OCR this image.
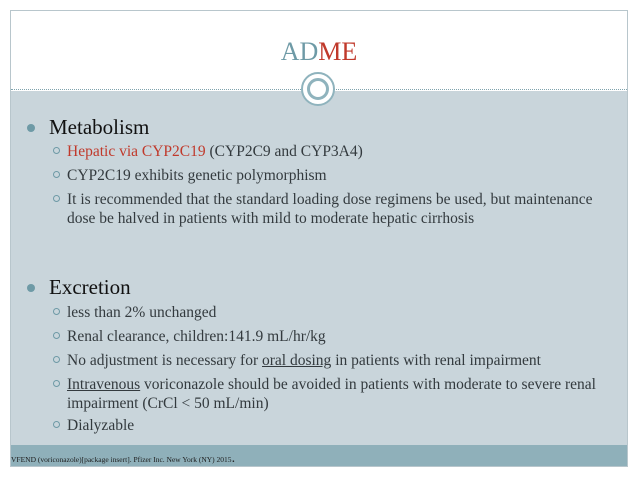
ADME
Metabolism
Hepatic via CYP2C19 (CYP2C9 and CYP3A4)
CYP2C19 exhibits genetic polymorphism
It is recommended that the standard loading dose regimens be used, but maintenance dose be halved in patients with mild to moderate hepatic cirrhosis
Excretion
less than 2% unchanged
Renal clearance, children:141.9 mL/hr/kg
No adjustment is necessary for oral dosing in patients with renal impairment
Intravenous voriconazole should be avoided in patients with moderate to severe renal impairment (CrCl < 50 mL/min)
Dialyzable
VFEND (voriconazole)[package insert]. Pfizer Inc. New York (NY) 2015.
